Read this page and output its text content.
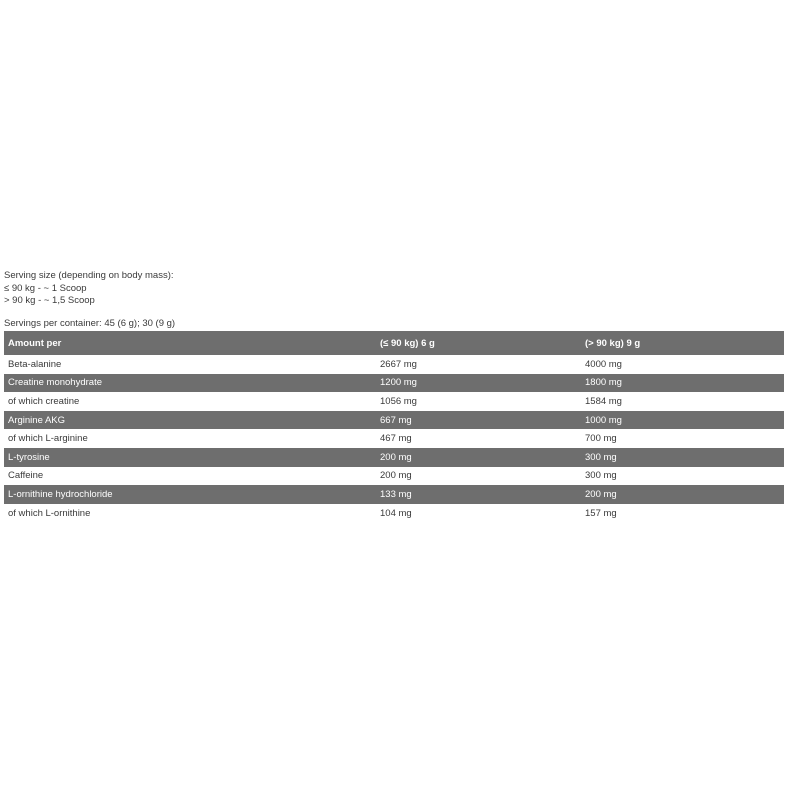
Serving size (depending on body mass):
≤ 90 kg - ~ 1 Scoop
> 90 kg - ~ 1,5 Scoop
Servings per container: 45 (6 g); 30 (9 g)
Amount per	(≤ 90 kg) 6 g	(> 90 kg) 9 g
Beta-alanine	2667 mg	4000 mg
Creatine monohydrate	1200 mg	1800 mg
of which creatine	1056 mg	1584 mg
Arginine AKG	667 mg	1000 mg
of which L-arginine	467 mg	700 mg
L-tyrosine	200 mg	300 mg
Caffeine	200 mg	300 mg
L-ornithine hydrochloride	133 mg	200 mg
of which L-ornithine	104 mg	157 mg
